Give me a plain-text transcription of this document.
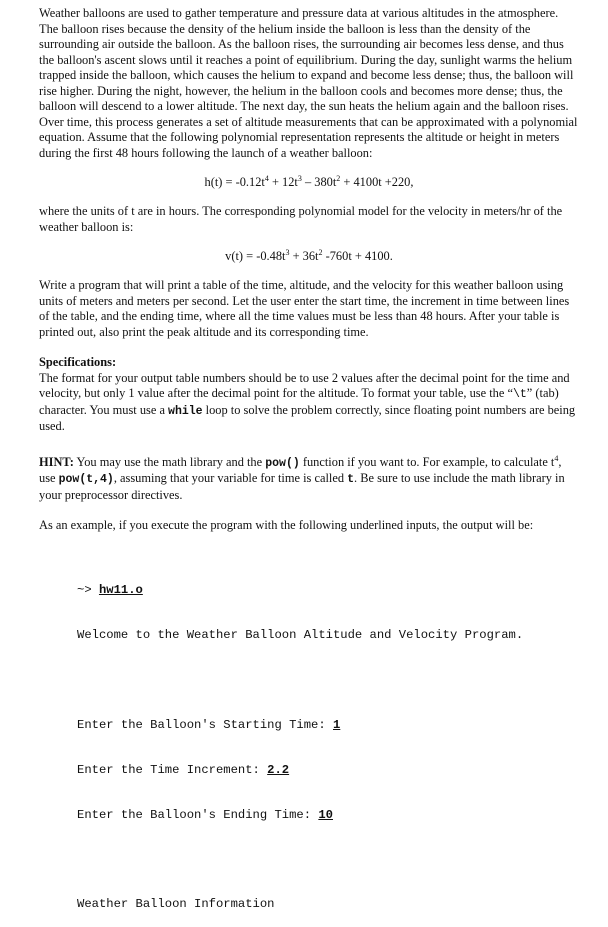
Weather balloons are used to gather temperature and pressure data at various altitudes in the atmosphere. The balloon rises because the density of the helium inside the balloon is less than the density of the surrounding air outside the balloon. As the balloon rises, the surrounding air becomes less dense, and thus the balloon's ascent slows until it reaches a point of equilibrium. During the day, sunlight warms the helium trapped inside the balloon, which causes the helium to expand and become less dense; thus, the balloon will rise higher. During the night, however, the helium in the balloon cools and becomes more dense; thus, the balloon will descend to a lower altitude. The next day, the sun heats the helium again and the balloon rises. Over time, this process generates a set of altitude measurements that can be approximated with a polynomial equation. Assume that the following polynomial representation represents the altitude or height in meters during the first 48 hours following the launch of a weather balloon:

$h(t) = -0.12t^4 + 12t^3 - 380t^2 + 4100t +220$,

where the units of t are in hours. The corresponding polynomial model for the velocity in meters/hr of the weather balloon is:

$v(t) = -0.48t^3 + 36t^2$ -760t + 4100.

Write a program that will print a table of the time, altitude, and the velocity for this weather balloon using units of meters and meters per second. Let the user enter the start time, the increment in time between lines of the table, and the ending time, where all the time values must be less than 48 hours. After your table is printed out, also print the peak altitude and its corresponding time.

Specifications:
The format for your output table numbers should be to use 2 values after the decimal point for the time and velocity, but only 1 value after the decimal point for the altitude. To format your table, use the “\t” (tab) character. You must use a while loop to solve the problem correctly, since floating point numbers are being used.

HINT: You may use the math library and the pow() function if you want to. For example, to calculate $t^4$, use pow(t,4), assuming that your variable for time is called t. Be sure to use include the math library in your preprocessor directives.

As an example, if you execute the program with the following underlined inputs, the output will be:

~> hw11.o

Welcome to the Weather Balloon Altitude and Velocity Program.

Enter the Balloon's Starting Time: 1

Enter the Time Increment: 2.2

Enter the Balloon's Ending Time: 10

Weather Balloon Information
